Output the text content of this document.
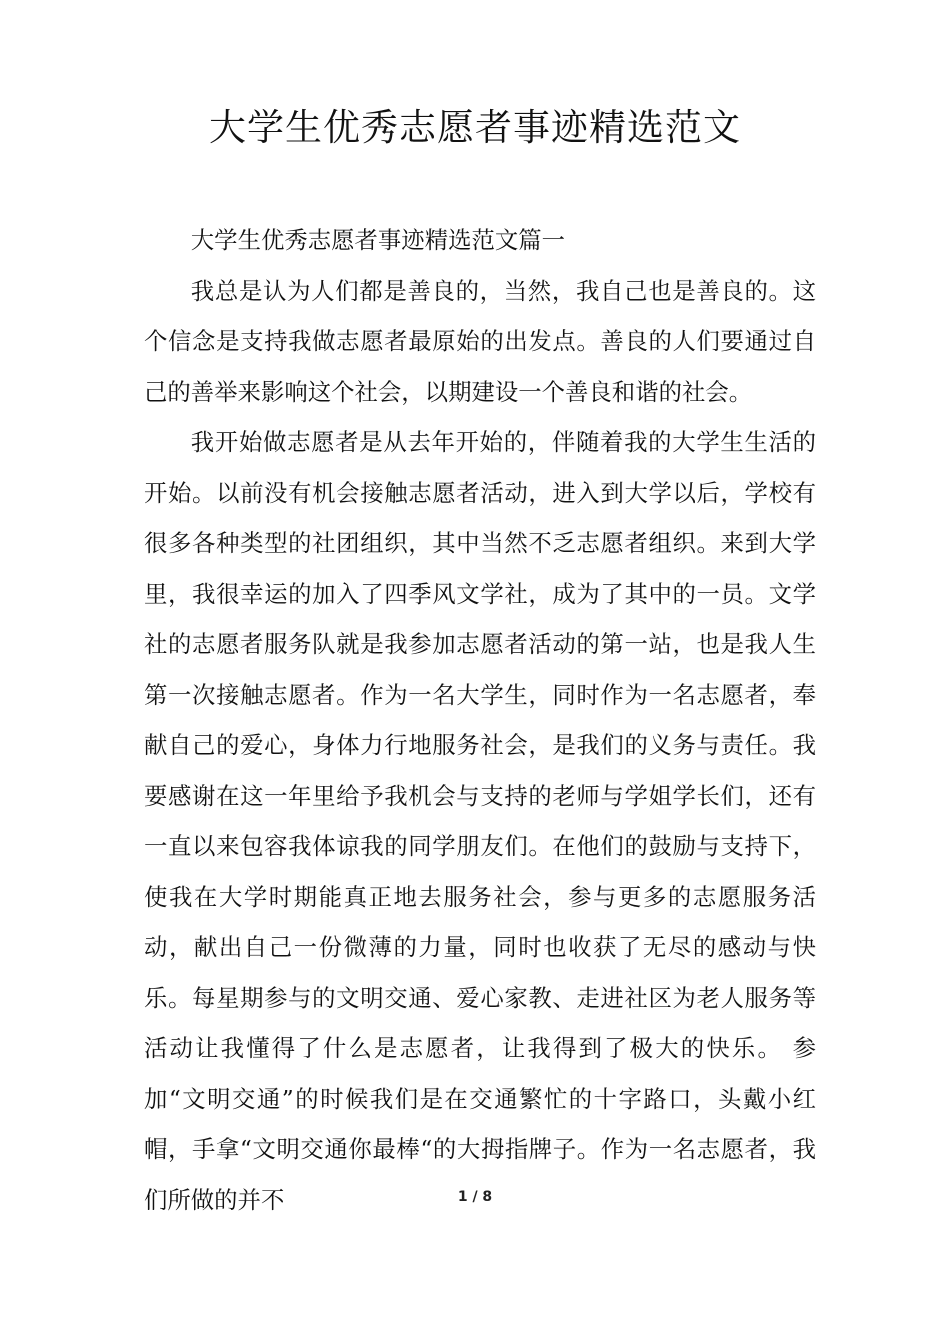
大学生优秀志愿者事迹精选范文

大学生优秀志愿者事迹精选范文篇一

我总是认为人们都是善良的，当然，我自己也是善良的。这个信念是支持我做志愿者最原始的出发点。善良的人们要通过自己的善举来影响这个社会，以期建设一个善良和谐的社会。

我开始做志愿者是从去年开始的，伴随着我的大学生生活的开始。以前没有机会接触志愿者活动，进入到大学以后，学校有很多各种类型的社团组织，其中当然不乏志愿者组织。来到大学里，我很幸运的加入了四季风文学社，成为了其中的一员。文学社的志愿者服务队就是我参加志愿者活动的第一站，也是我人生第一次接触志愿者。作为一名大学生，同时作为一名志愿者，奉献自己的爱心，身体力行地服务社会，是我们的义务与责任。我要感谢在这一年里给予我机会与支持的老师与学姐学长们，还有一直以来包容我体谅我的同学朋友们。在他们的鼓励与支持下，使我在大学时期能真正地去服务社会，参与更多的志愿服务活动，献出自己一份微薄的力量，同时也收获了无尽的感动与快乐。每星期参与的文明交通、爱心家教、走进社区为老人服务等活动让我懂得了什么是志愿者，让我得到了极大的快乐。 参加“文明交通”的时候我们是在交通繁忙的十字路口，头戴小红帽，手拿“文明交通你最棒“的大拇指牌子。作为一名志愿者，我们所做的并不	1 / 8
